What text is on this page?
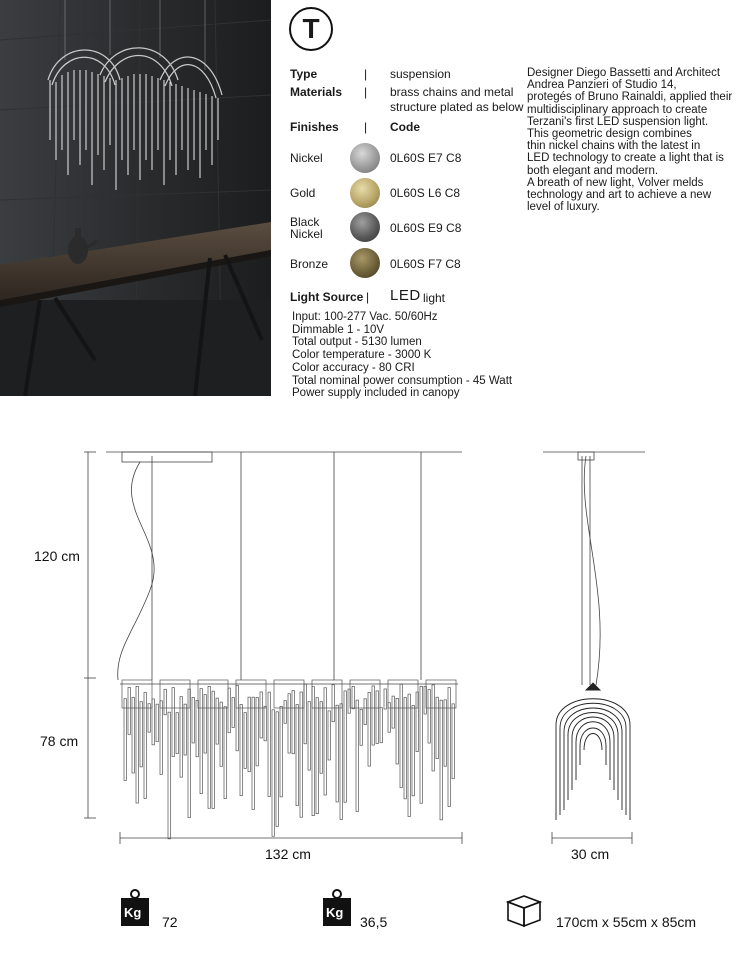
T
Type	| suspension
Materials | brass chains and metal
structure plated as below
Finishes | Code
Nickel	0L60S E7 C8
Gold	0L60S L6 C8
Black
Nickel	0L60S E9 C8
Bronze	0L60S F7 C8
Light Source | LED light
Input: 100-277 Vac. 50/60Hz
Dimmable 1 - 10V
Total output - 5130 lumen
Color temperature - 3000 K
Color accuracy - 80 CRI
Total nominal power consumption - 45 Watt
Power supply included in canopy
Designer Diego Bassetti and Architect
Andrea Panzieri of Studio 14,
protegés of Bruno Rainaldi, applied their
multidisciplinary approach to create
Terzani's first LED suspension light.
This geometric design combines
thin nickel chains with the latest in
LED technology to create a light that is
both elegant and modern.
A breath of new light, Volver melds
technology and art to achieve a new
level of luxury.
120 cm
78 cm
132 cm	30 cm
Kg
72
Kg
36,5	170cm x 55cm x 85cm
